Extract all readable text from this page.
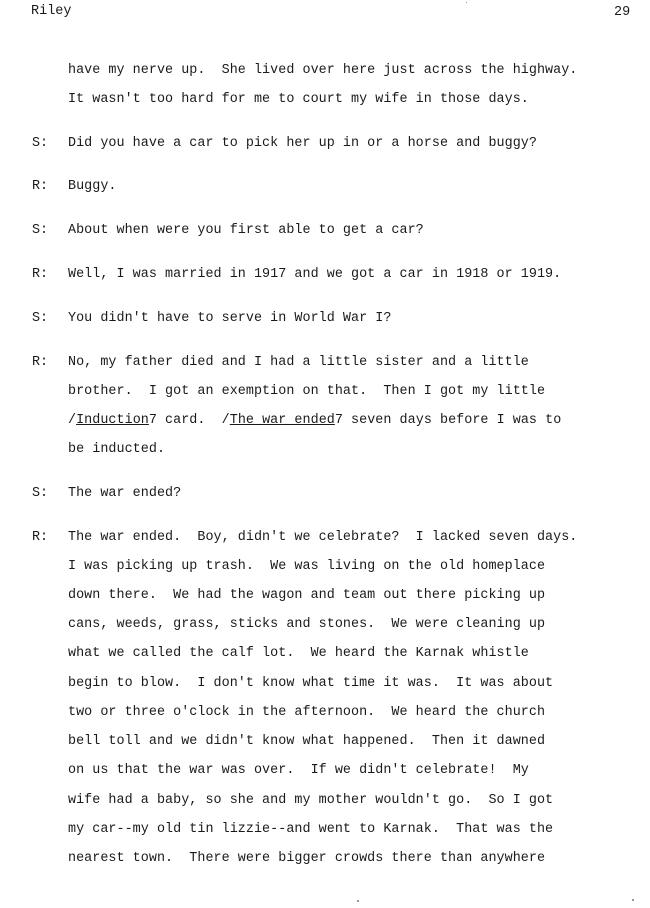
Riley	29
have my nerve up.  She lived over here just across the highway.
It wasn't too hard for me to court my wife in those days.
S: Did you have a car to pick her up in or a horse and buggy?
R: Buggy.
S: About when were you first able to get a car?
R: Well, I was married in 1917 and we got a car in 1918 or 1919.
S: You didn't have to serve in World War I?
R: No, my father died and I had a little sister and a little
brother.  I got an exemption on that.  Then I got my little
/Induction7 card.  /The war ended7 seven days before I was to
be inducted.
S: The war ended?
R: The war ended.  Boy, didn't we celebrate?  I lacked seven days.
I was picking up trash.  We was living on the old homeplace
down there.  We had the wagon and team out there picking up
cans, weeds, grass, sticks and stones.  We were cleaning up
what we called the calf lot.  We heard the Karnak whistle
begin to blow.  I don't know what time it was.  It was about
two or three o'clock in the afternoon.  We heard the church
bell toll and we didn't know what happened.  Then it dawned
on us that the war was over.  If we didn't celebrate!  My
wife had a baby, so she and my mother wouldn't go.  So I got
my car--my old tin lizzie--and went to Karnak.  That was the
nearest town.  There were bigger crowds there than anywhere
